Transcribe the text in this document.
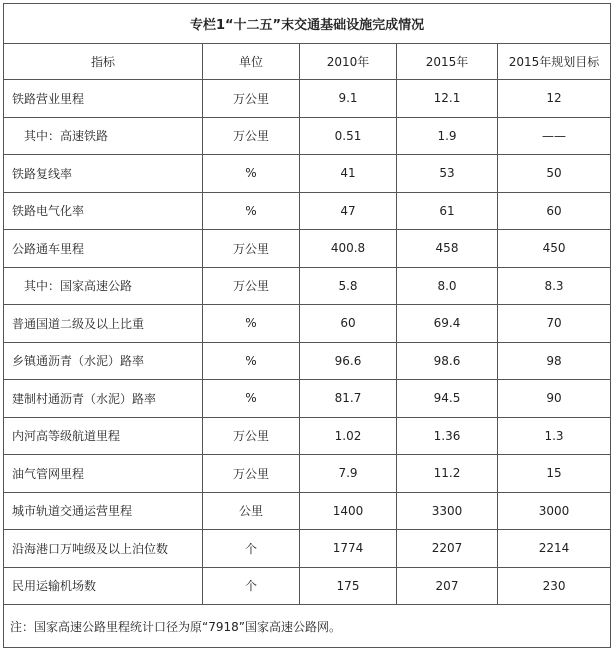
专栏1“十二五”末交通基础设施完成情况				
指标	单位	2010年	2015年	2015年规划目标
铁路营业里程	万公里	9.1	12.1	12
其中：高速铁路	万公里	0.51	1.9	——
铁路复线率	%	41	53	50
铁路电气化率	%	47	61	60
公路通车里程	万公里	400.8	458	450
其中：国家高速公路	万公里	5.8	8.0	8.3
普通国道二级及以上比重	%	60	69.4	70
乡镇通沥青（水泥）路率	%	96.6	98.6	98
建制村通沥青（水泥）路率	%	81.7	94.5	90
内河高等级航道里程	万公里	1.02	1.36	1.3
油气管网里程	万公里	7.9	11.2	15
城市轨道交通运营里程	公里	1400	3300	3000
沿海港口万吨级及以上泊位数	个	1774	2207	2214
民用运输机场数	个	175	207	230
注：国家高速公路里程统计口径为原“7918”国家高速公路网。				
